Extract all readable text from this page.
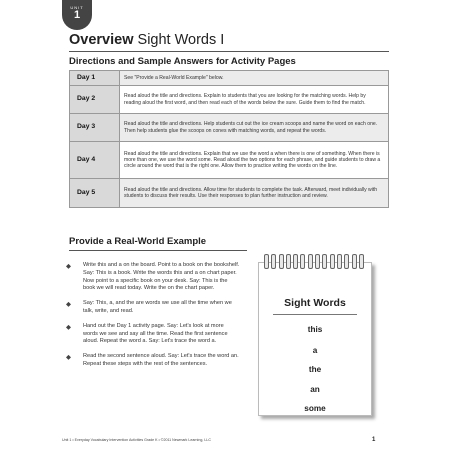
UNIT
1
Overview Sight Words I
Directions and Sample Answers for Activity Pages
Day 1	See "Provide a Real-World Example" below.
Day 2	Read aloud the title and directions. Explain to students that you are looking for the matching words. Help by reading aloud the first word, and then read each of the words below the sure. Guide them to find the match.
Day 3	Read aloud the title and directions. Help students cut out the ice cream scoops and name the word on each one. Then help students glue the scoops on cones with matching words, and repeat the words.
Day 4	Read aloud the title and directions. Explain that we use the word a when there is one of something. When there is more than one, we use the word some. Read aloud the two options for each phrase, and guide students to draw a circle around the word that is the right one. Allow them to practice writing the words on the line.
Day 5	Read aloud the title and directions. Allow time for students to complete the task. Afterward, meet individually with students to discuss their results. Use their responses to plan further instruction and review.
Provide a Real-World Example
◆ Write this and a on the board. Point to a book on the bookshelf. Say: This is a book. Write the words this and a on chart paper. Now point to a specific book on your desk. Say: This is the book we will read today. Write the on the chart paper.
◆ Say: This, a, and the are words we use all the time when we talk, write, and read.
◆ Hand out the Day 1 activity page. Say: Let's look at more words we see and say all the time. Read the first sentence aloud. Repeat the word a. Say: Let's trace the word a.
◆ Read the second sentence aloud. Say: Let's trace the word an. Repeat these steps with the rest of the sentences.
Sight Words
this
a
the
an
some
Unit 1 • Everyday Vocabulary Intervention Activities Grade K • ©2011 Newmark Learning, LLC	1
